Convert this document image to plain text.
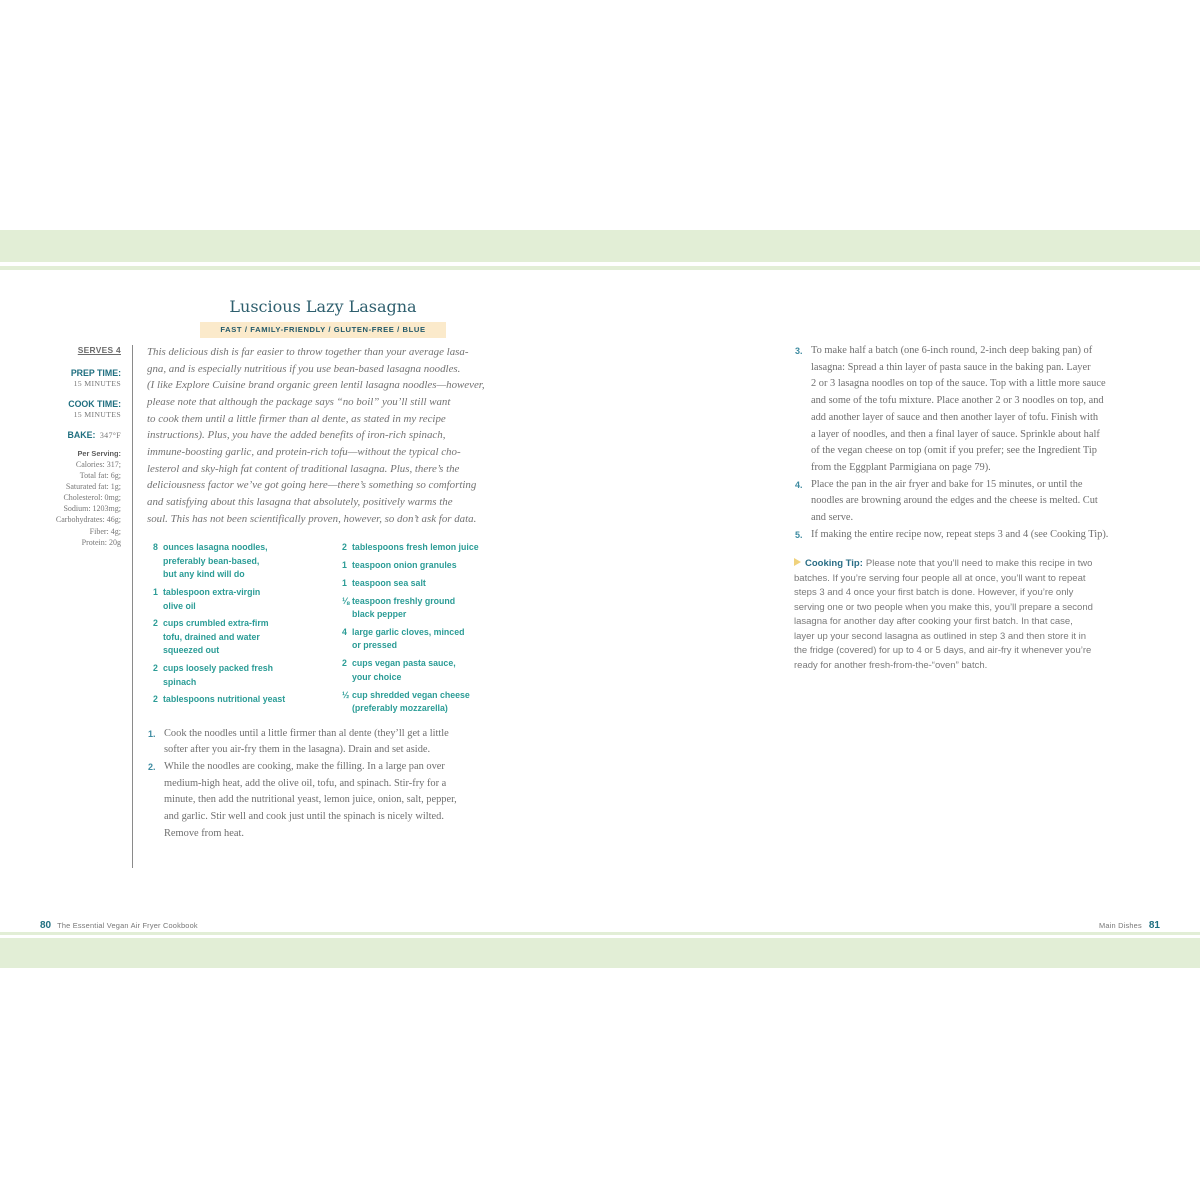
Luscious Lazy Lasagna
FAST / FAMILY-FRIENDLY / GLUTEN-FREE / BLUE
SERVES 4
PREP TIME:
15 MINUTES
COOK TIME:
15 MINUTES
BAKE: 347°F
Per Serving:
Calories: 317;
Total fat: 6g;
Saturated fat: 1g;
Cholesterol: 0mg;
Sodium: 1203mg;
Carbohydrates: 46g;
Fiber: 4g;
Protein: 20g
This delicious dish is far easier to throw together than your average lasa-
gna, and is especially nutritious if you use bean-based lasagna noodles.
(I like Explore Cuisine brand organic green lentil lasagna noodles—however,
please note that although the package says “no boil” you’ll still want
to cook them until a little firmer than al dente, as stated in my recipe
instructions). Plus, you have the added benefits of iron-rich spinach,
immune-boosting garlic, and protein-rich tofu—without the typical cho-
lesterol and sky-high fat content of traditional lasagna. Plus, there’s the
deliciousness factor we’ve got going here—there’s something so comforting
and satisfying about this lasagna that absolutely, positively warms the
soul. This has not been scientifically proven, however, so don’t ask for data.
8 ounces lasagna noodles,
preferably bean-based,
but any kind will do
1 tablespoon extra-virgin
olive oil
2 cups crumbled extra-firm
tofu, drained and water
squeezed out
2 cups loosely packed fresh
spinach
2 tablespoons nutritional yeast
2 tablespoons fresh lemon juice
1 teaspoon onion granules
1 teaspoon sea salt
⅛ teaspoon freshly ground
black pepper
4 large garlic cloves, minced
or pressed
2 cups vegan pasta sauce,
your choice
½ cup shredded vegan cheese
(preferably mozzarella)
1. Cook the noodles until a little firmer than al dente (they’ll get a little
softer after you air-fry them in the lasagna). Drain and set aside.
2. While the noodles are cooking, make the filling. In a large pan over
medium-high heat, add the olive oil, tofu, and spinach. Stir-fry for a
minute, then add the nutritional yeast, lemon juice, onion, salt, pepper,
and garlic. Stir well and cook just until the spinach is nicely wilted.
Remove from heat.
3. To make half a batch (one 6-inch round, 2-inch deep baking pan) of
lasagna: Spread a thin layer of pasta sauce in the baking pan. Layer
2 or 3 lasagna noodles on top of the sauce. Top with a little more sauce
and some of the tofu mixture. Place another 2 or 3 noodles on top, and
add another layer of sauce and then another layer of tofu. Finish with
a layer of noodles, and then a final layer of sauce. Sprinkle about half
of the vegan cheese on top (omit if you prefer; see the Ingredient Tip
from the Eggplant Parmigiana on page 79).
4. Place the pan in the air fryer and bake for 15 minutes, or until the
noodles are browning around the edges and the cheese is melted. Cut
and serve.
5. If making the entire recipe now, repeat steps 3 and 4 (see Cooking Tip).
Cooking Tip: Please note that you’ll need to make this recipe in two
batches. If you’re serving four people all at once, you’ll want to repeat
steps 3 and 4 once your first batch is done. However, if you’re only
serving one or two people when you make this, you’ll prepare a second
lasagna for another day after cooking your first batch. In that case,
layer up your second lasagna as outlined in step 3 and then store it in
the fridge (covered) for up to 4 or 5 days, and air-fry it whenever you’re
ready for another fresh-from-the-“oven” batch.
80 The Essential Vegan Air Fryer Cookbook	Main Dishes 81
